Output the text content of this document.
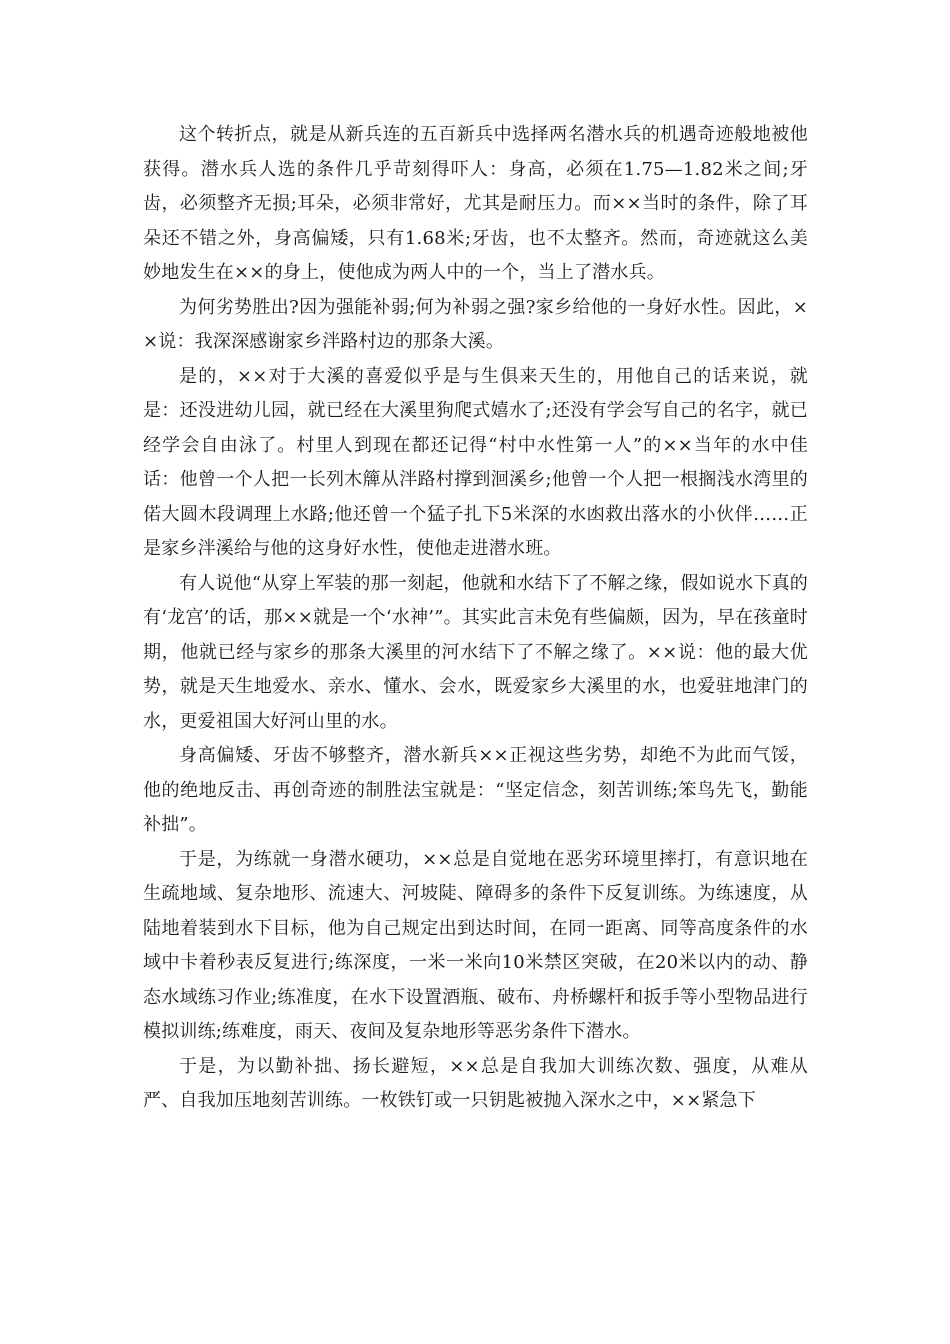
这个转折点，就是从新兵连的五百新兵中选择两名潜水兵的机遇奇迹般地被他获得。潜水兵人选的条件几乎苛刻得吓人：身高，必须在1.75—1.82米之间;牙齿，必须整齐无损;耳朵，必须非常好，尤其是耐压力。而××当时的条件，除了耳朵还不错之外，身高偏矮，只有1.68米;牙齿，也不太整齐。然而，奇迹就这么美妙地发生在××的身上，使他成为两人中的一个，当上了潜水兵。

为何劣势胜出?因为强能补弱;何为补弱之强?家乡给他的一身好水性。因此，××说：我深深感谢家乡泮路村边的那条大溪。

是的，××对于大溪的喜爱似乎是与生俱来天生的，用他自己的话来说，就是：还没进幼儿园，就已经在大溪里狗爬式嬉水了;还没有学会写自己的名字，就已经学会自由泳了。村里人到现在都还记得“村中水性第一人”的××当年的水中佳话：他曾一个人把一长列木簰从泮路村撑到洄溪乡;他曾一个人把一根搁浅水湾里的偌大圆木段调理上水路;他还曾一个猛子扎下5米深的水凼救出落水的小伙伴……正是家乡泮溪给与他的这身好水性，使他走进潜水班。

有人说他“从穿上军装的那一刻起，他就和水结下了不解之缘，假如说水下真的有‘龙宫’的话，那××就是一个‘水神’”。其实此言未免有些偏颇，因为，早在孩童时期，他就已经与家乡的那条大溪里的河水结下了不解之缘了。××说：他的最大优势，就是天生地爱水、亲水、懂水、会水，既爱家乡大溪里的水，也爱驻地津门的水，更爱祖国大好河山里的水。

身高偏矮、牙齿不够整齐，潜水新兵××正视这些劣势，却绝不为此而气馁，他的绝地反击、再创奇迹的制胜法宝就是：“坚定信念，刻苦训练;笨鸟先飞，勤能补拙”。

于是，为练就一身潜水硬功，××总是自觉地在恶劣环境里摔打，有意识地在生疏地域、复杂地形、流速大、河坡陡、障碍多的条件下反复训练。为练速度，从陆地着装到水下目标，他为自己规定出到达时间，在同一距离、同等高度条件的水域中卡着秒表反复进行;练深度，一米一米向10米禁区突破，在20米以内的动、静态水域练习作业;练准度，在水下设置酒瓶、破布、舟桥螺杆和扳手等小型物品进行模拟训练;练难度，雨天、夜间及复杂地形等恶劣条件下潜水。

于是，为以勤补拙、扬长避短，××总是自我加大训练次数、强度，从难从严、自我加压地刻苦训练。一枚铁钉或一只钥匙被抛入深水之中，××紧急下
